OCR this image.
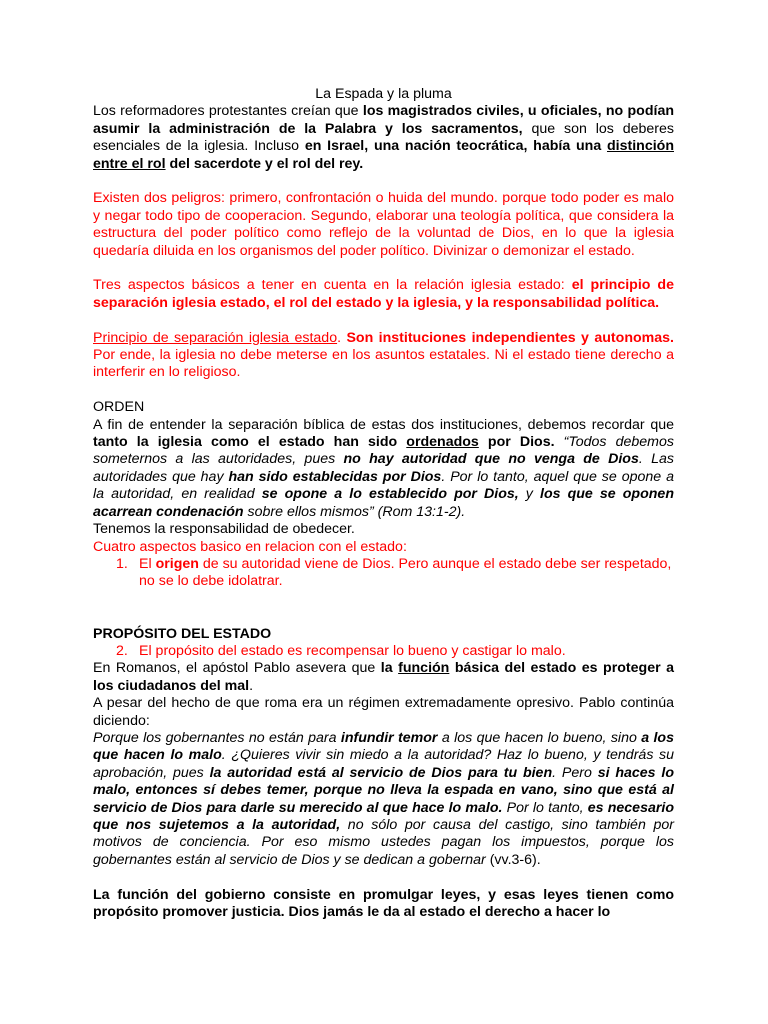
La Espada y la pluma

Los reformadores protestantes creían que los magistrados civiles, u oficiales, no podían asumir la administración de la Palabra y los sacramentos, que son los deberes esenciales de la iglesia. Incluso en Israel, una nación teocrática, había una distinción entre el rol del sacerdote y el rol del rey.

Existen dos peligros: primero, confrontación o huida del mundo. porque todo poder es malo y negar todo tipo de cooperacion. Segundo, elaborar una teología política, que considera la estructura del poder político como reflejo de la voluntad de Dios, en lo que la iglesia quedaría diluida en los organismos del poder político. Divinizar o demonizar el estado.

Tres aspectos básicos a tener en cuenta en la relación iglesia estado: el principio de separación iglesia estado, el rol del estado y la iglesia, y la responsabilidad política.

Principio de separación iglesia estado. Son instituciones independientes y autonomas. Por ende, la iglesia no debe meterse en los asuntos estatales. Ni el estado tiene derecho a interferir en lo religioso.

ORDEN

A fin de entender la separación bíblica de estas dos instituciones, debemos recordar que tanto la iglesia como el estado han sido ordenados por Dios. “Todos debemos someternos a las autoridades, pues no hay autoridad que no venga de Dios. Las autoridades que hay han sido establecidas por Dios. Por lo tanto, aquel que se opone a la autoridad, en realidad se opone a lo establecido por Dios, y los que se oponen acarrean condenación sobre ellos mismos” (Rom 13:1-2).

Tenemos la responsabilidad de obedecer.

Cuatro aspectos basico en relacion con el estado:

1. El origen de su autoridad viene de Dios. Pero aunque el estado debe ser respetado, no se lo debe idolatrar.

PROPÓSITO DEL ESTADO

2. El propósito del estado es recompensar lo bueno y castigar lo malo.

En Romanos, el apóstol Pablo asevera que la función básica del estado es proteger a los ciudadanos del mal.

A pesar del hecho de que roma era un régimen extremadamente opresivo. Pablo continúa diciendo:

Porque los gobernantes no están para infundir temor a los que hacen lo bueno, sino a los que hacen lo malo. ¿Quieres vivir sin miedo a la autoridad? Haz lo bueno, y tendrás su aprobación, pues la autoridad está al servicio de Dios para tu bien. Pero si haces lo malo, entonces sí debes temer, porque no lleva la espada en vano, sino que está al servicio de Dios para darle su merecido al que hace lo malo. Por lo tanto, es necesario que nos sujetemos a la autoridad, no sólo por causa del castigo, sino también por motivos de conciencia. Por eso mismo ustedes pagan los impuestos, porque los gobernantes están al servicio de Dios y se dedican a gobernar (vv.3-6).

La función del gobierno consiste en promulgar leyes, y esas leyes tienen como propósito promover justicia. Dios jamás le da al estado el derecho a hacer lo
